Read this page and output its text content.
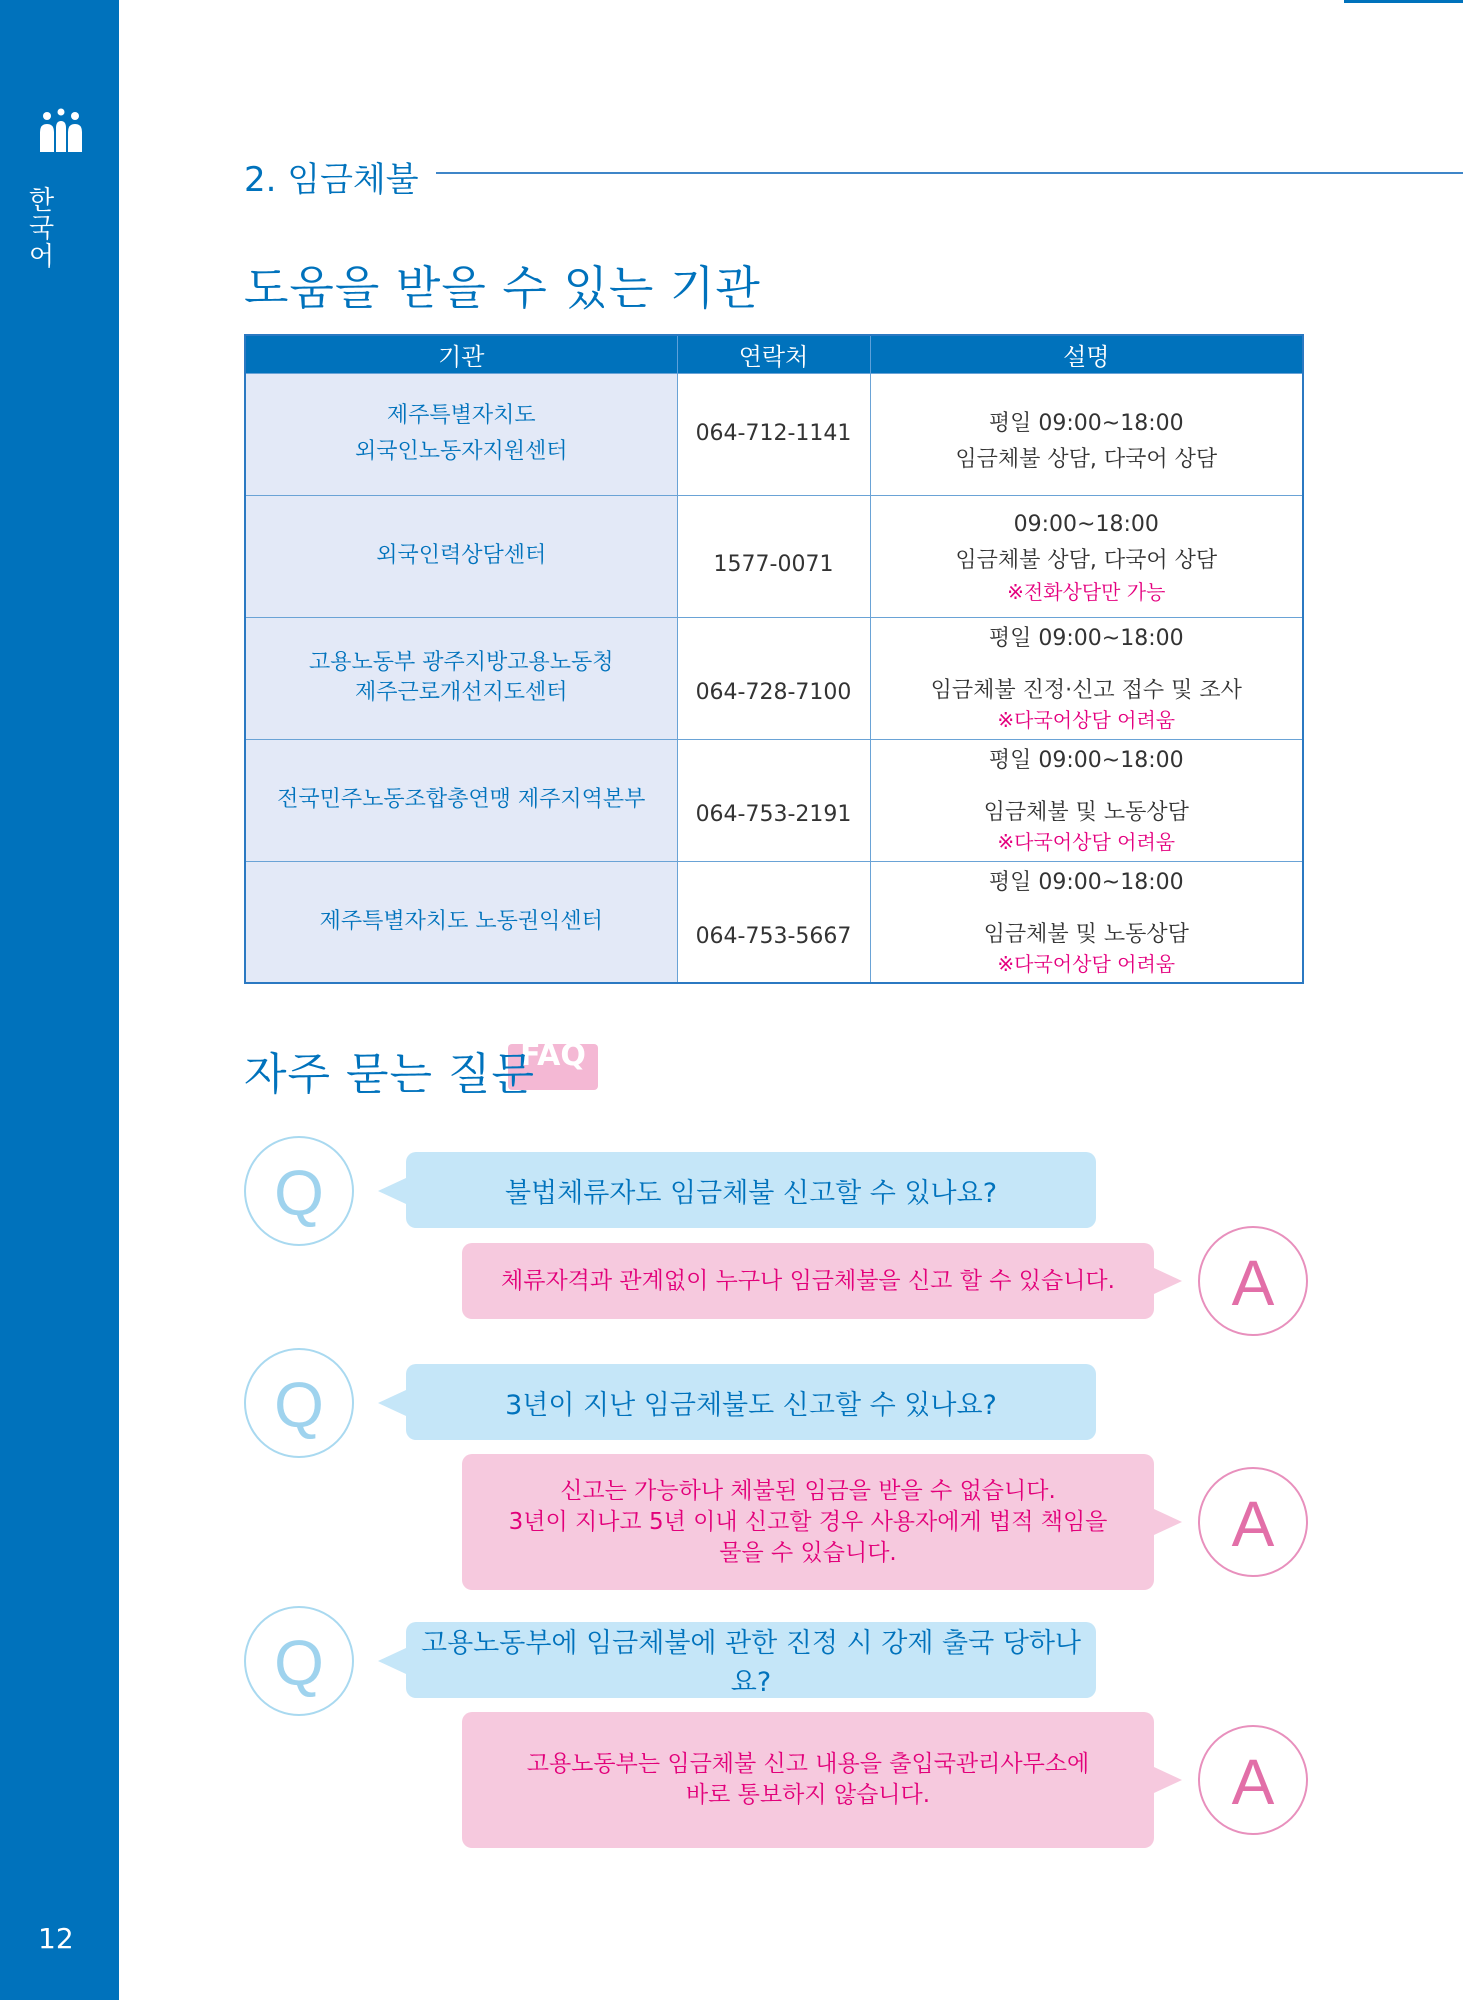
한국어
12
2. 임금체불
도움을 받을 수 있는 기관
기관	연락처	설명

제주특별자치도
외국인노동자지원센터	064-712-1141	평일 09:00~18:00
임금체불 상담, 다국어 상담

외국인력상담센터	1577-0071	09:00~18:00
임금체불 상담, 다국어 상담
※전화상담만 가능

고용노동부 광주지방고용노동청
제주근로개선지도센터	064-728-7100	평일 09:00~18:00
임금체불 진정·신고 접수 및 조사
※다국어상담 어려움

전국민주노동조합총연맹 제주지역본부	064-753-2191	평일 09:00~18:00
임금체불 및 노동상담
※다국어상담 어려움

제주특별자치도 노동권익센터	064-753-5667	평일 09:00~18:00
임금체불 및 노동상담
※다국어상담 어려움
FAQ
자주 묻는 질문
Q	불법체류자도 임금체불 신고할 수 있나요?
체류자격과 관계없이 누구나 임금체불을 신고 할 수 있습니다.	A
Q	3년이 지난 임금체불도 신고할 수 있나요?
신고는 가능하나 체불된 임금을 받을 수 없습니다.
3년이 지나고 5년 이내 신고할 경우 사용자에게 법적 책임을
물을 수 있습니다.	A
Q	고용노동부에 임금체불에 관한 진정 시 강제 출국 당하나요?
고용노동부는 임금체불 신고 내용을 출입국관리사무소에
바로 통보하지 않습니다.	A
